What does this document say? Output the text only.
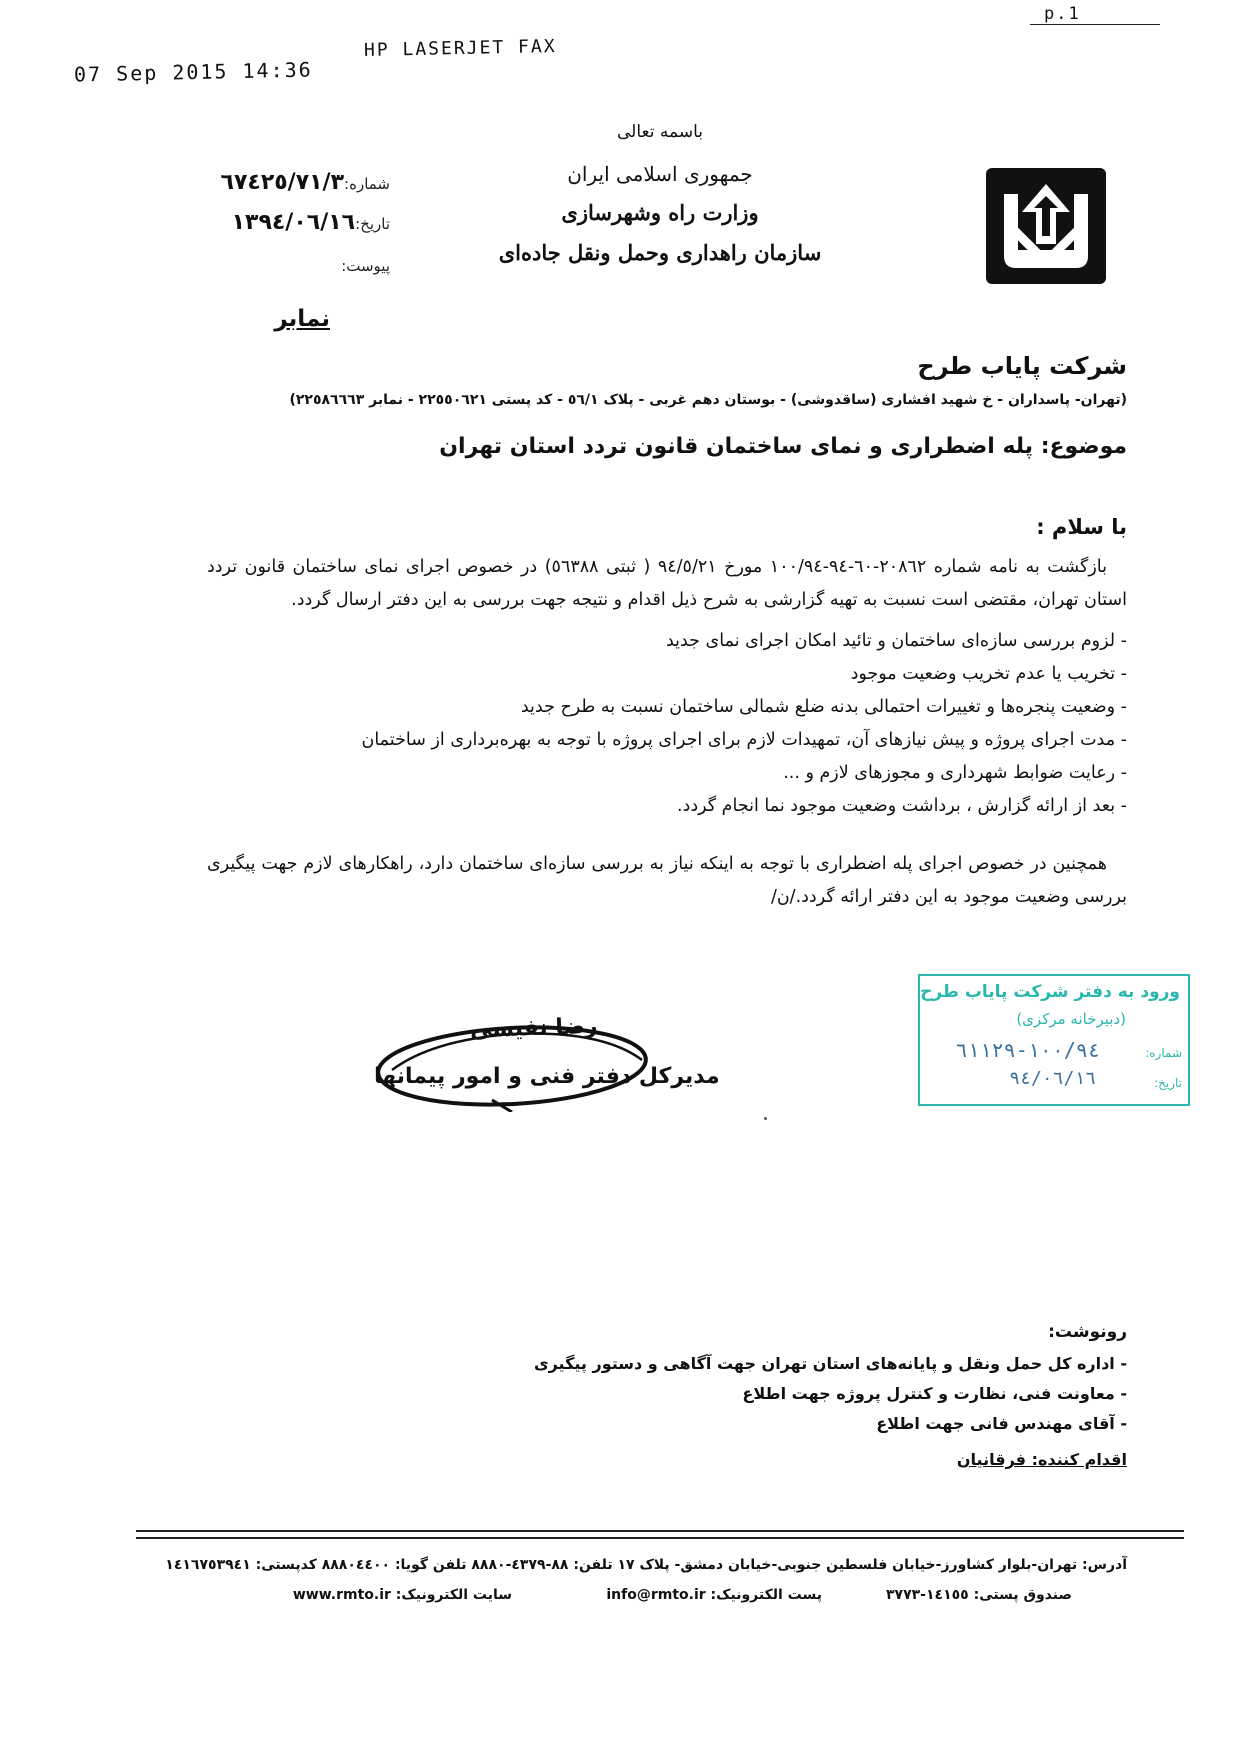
07 Sep 2015 14:36
HP LASERJET FAX
p.1
باسمه تعالی
جمهوری اسلامی ایران
وزارت راه وشهرسازی
سازمان راهداری وحمل ونقل جاده‌ای
شماره:٦٧٤٢٥/٧١/٣
تاریخ:١٣٩٤/٠٦/١٦
پیوست:
نمابر
شرکت پایاب طرح
(تهران- پاسداران - خ شهید افشاری (ساقدوشی) - بوستان دهم غربی - پلاک ٥٦/١ - کد پستی ٢٢٥٥٠٦٢١ - نمابر ٢٢٥٨٦٦٦٣)
موضوع: پله اضطراری و نمای ساختمان قانون تردد استان تهران
با سلام :
بازگشت به نامه شماره ٢٠٨٦٢-٦٠-٩٤-١٠٠/٩٤ مورخ ٩٤/٥/٢١ ( ثبتی ٥٦٣٨٨) در خصوص اجرای نمای ساختمان قانون تردد استان تهران، مقتضی است نسبت به تهیه گزارشی به شرح ذیل اقدام و نتیجه جهت بررسی به این دفتر ارسال گردد.
- لزوم بررسی سازه‌ای ساختمان و تائید امکان اجرای نمای جدید
- تخریب یا عدم تخریب وضعیت موجود
- وضعیت پنجره‌ها و تغییرات احتمالی بدنه ضلع شمالی ساختمان نسبت به طرح جدید
- مدت اجرای پروژه و پیش نیازهای آن، تمهیدات لازم برای اجرای پروژه با توجه به بهره‌برداری از ساختمان
- رعایت ضوابط شهرداری و مجوزهای لازم و ...
- بعد از ارائه گزارش ، برداشت وضعیت موجود نما انجام گردد.
همچنین در خصوص اجرای پله اضطراری با توجه به اینکه نیاز به بررسی سازه‌ای ساختمان دارد، راهکارهای لازم جهت پیگیری بررسی وضعیت موجود به این دفتر ارائه گردد./ن/
ورود به دفتر شرکت پایاب طرح
(دبیرخانه مرکزی)
شماره:
١٠٠/٩٤-٦١١٢٩
تاریخ:
٩٤/٠٦/١٦
رضا نفیسی
مدیرکل دفتر فنی و امور پیمانها
رونوشت:
- اداره کل حمل ونقل و پایانه‌های استان تهران جهت آگاهی و دستور پیگیری
- معاونت فنی، نظارت و کنترل پروژه جهت اطلاع
- آقای مهندس فانی جهت اطلاع
اقدام کننده: فرقانیان
آدرس: تهران-بلوار کشاورز-خیابان فلسطین جنوبی-خیابان دمشق- پلاک ١٧ تلفن: ٨٨-٤٣٧٩-٨٨٨٠ تلفن گویا: ٨٨٨٠٤٤٠٠ کدپستی: ١٤١٦٧٥٣٩٤١
صندوق پستی: ١٤١٥٥-٣٧٧٣
پست الکترونیک: info@rmto.ir
سایت الکترونیک: www.rmto.ir
